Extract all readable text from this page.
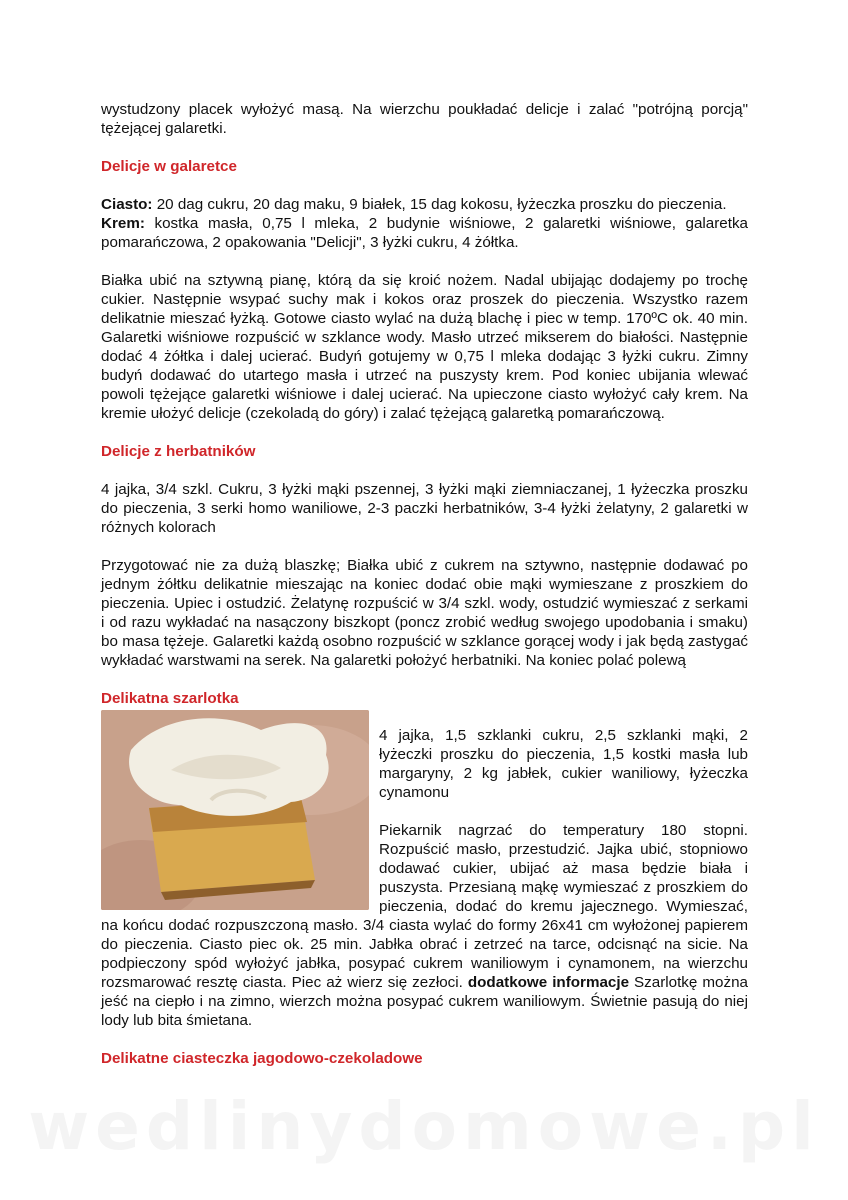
wystudzony placek wyłożyć masą. Na wierzchu poukładać delicje i zalać "potrójną porcją" tężejącej galaretki.

Delicje w galaretce

Ciasto: 20 dag cukru, 20 dag maku, 9 białek, 15 dag kokosu, łyżeczka proszku do pieczenia.
Krem: kostka masła, 0,75 l mleka, 2 budynie wiśniowe, 2 galaretki wiśniowe, galaretka pomarańczowa, 2 opakowania "Delicji", 3 łyżki cukru, 4 żółtka.

Białka ubić na sztywną pianę, którą da się kroić nożem. Nadal ubijając dodajemy po trochę cukier. Następnie wsypać suchy mak i kokos oraz proszek do pieczenia. Wszystko razem delikatnie mieszać łyżką. Gotowe ciasto wylać na dużą blachę i piec w temp. 170ºC ok. 40 min. Galaretki wiśniowe rozpuścić w szklance wody. Masło utrzeć mikserem do białości. Następnie dodać 4 żółtka i dalej ucierać. Budyń gotujemy w 0,75 l mleka dodając 3 łyżki cukru. Zimny budyń dodawać do utartego masła i utrzeć na puszysty krem. Pod koniec ubijania wlewać powoli tężejące galaretki wiśniowe i dalej ucierać. Na upieczone ciasto wyłożyć cały krem. Na kremie ułożyć delicje (czekoladą do góry) i zalać tężejącą galaretką pomarańczową.

Delicje z herbatników

4 jajka, 3/4 szkl. Cukru, 3 łyżki mąki pszennej, 3 łyżki mąki ziemniaczanej, 1 łyżeczka proszku do pieczenia, 3 serki homo waniliowe, 2-3 paczki herbatników, 3-4 łyżki żelatyny, 2 galaretki w różnych kolorach

Przygotować nie za dużą blaszkę; Białka ubić z cukrem na sztywno, następnie dodawać po jednym żółtku delikatnie mieszając na koniec dodać obie mąki wymieszane z proszkiem do pieczenia. Upiec i ostudzić. Żelatynę rozpuścić w 3/4 szkl. wody, ostudzić wymieszać z serkami i od razu wykładać na nasączony biszkopt (poncz zrobić według swojego upodobania i smaku) bo masa tężeje. Galaretki każdą osobno rozpuścić w szklance gorącej wody i jak będą zastygać wykładać warstwami na serek. Na galaretki położyć herbatniki. Na koniec polać polewą

Delikatna szarlotka

4 jajka, 1,5 szklanki cukru, 2,5 szklanki mąki, 2 łyżeczki proszku do pieczenia, 1,5 kostki masła lub margaryny, 2 kg jabłek, cukier waniliowy, łyżeczka cynamonu

Piekarnik nagrzać do temperatury 180 stopni. Rozpuścić masło, przestudzić. Jajka ubić, stopniowo dodawać cukier, ubijać aż masa będzie biała i puszysta. Przesianą mąkę wymieszać z proszkiem do pieczenia, dodać do kremu jajecznego. Wymieszać, na końcu dodać rozpuszczoną masło. 3/4 ciasta wylać do formy 26x41 cm wyłożonej papierem do pieczenia. Ciasto piec ok. 25 min. Jabłka obrać i zetrzeć na tarce, odcisnąć na sicie. Na podpieczony spód wyłożyć jabłka, posypać cukrem waniliowym i cynamonem, na wierzchu rozsmarować resztę ciasta. Piec aż wierz się zezłoci. dodatkowe informacje Szarlotkę można jeść na ciepło i na zimno, wierzch można posypać cukrem waniliowym. Świetnie pasują do niej lody lub bita śmietana.

Delikatne ciasteczka jagodowo-czekoladowe
wedlinydomowe.pl
